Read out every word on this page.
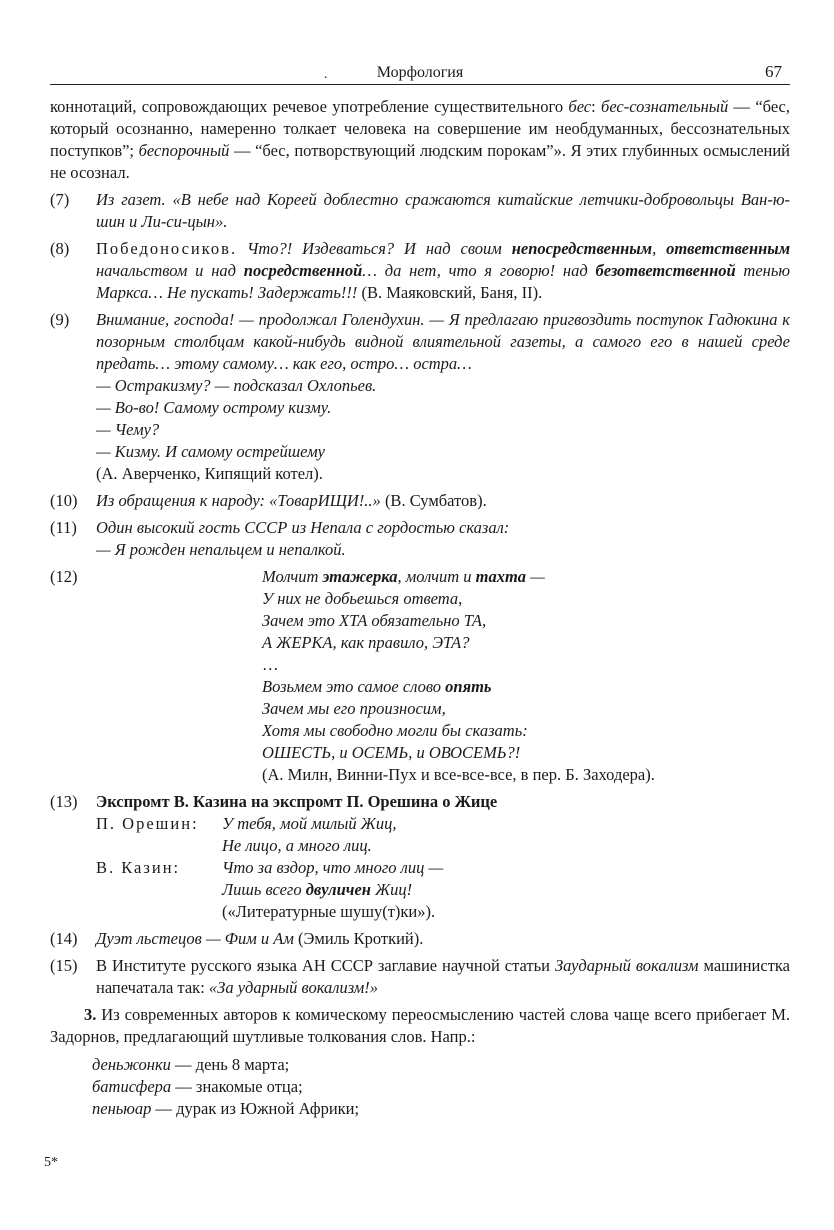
.	Морфология	67

коннотаций, сопровождающих речевое употребление существительного бес: бес-сознательный — “бес, который осознанно, намеренно толкает человека на совершение им необдуманных, бессознательных поступков”; беспорочный — “бес, потворствующий людским порокам”». Я этих глубинных осмыслений не осознал.

(7)	Из газет. «В небе над Кореей доблестно сражаются китайские летчики-добровольцы Ван-ю-шин и Ли-си-цын».
(8)	Победоносиков. Что?! Издеваться? И над своим непосредственным, ответственным начальством и над посредственной… да нет, что я говорю! над безответственной тенью Маркса… Не пускать! Задержать!!! (В. Маяковский, Баня, II).
(9)	Внимание, господа! — продолжал Голендухин. — Я предлагаю пригвоздить поступок Гадюкина к позорным столбцам какой-нибудь видной влиятельной газеты, а самого его в нашей среде предать… этому самому… как его, остро… остра…

— Остракизму? — подсказал Охлопьев.

— Во-во! Самому острому кизму.

— Чему?

— Кизму. И самому острейшему

(А. Аверченко, Кипящий котел).

(10)	Из обращения к народу: «ТоварИЩИ!..» (В. Сумбатов).
(11)	Один высокий гость СССР из Непала с гордостью сказал:

— Я рожден непальцем и непалкой.

(12)	Молчит этажерка, молчит и тахта —

У них не добьешься ответа,

Зачем это ХТА обязательно ТА,

А ЖЕРКА, как правило, ЭТА?

…

Возьмем это самое слово опять

Зачем мы его произносим,

Хотя мы свободно могли бы сказать:

ОШЕСТЬ, и ОСЕМЬ, и ОВОСЕМЬ?!

(А. Милн, Винни-Пух и все-все-все, в пер. Б. Заходера).

(13)	Экспромт В. Казина на экспромт П. Орешина о Жице

П. Орешин:	У тебя, мой милый Жиц,

Не лицо, а много лиц.

В. Казин:	Что за вздор, что много лиц —

Лишь всего двуличен Жиц!

(«Литературные шушу(т)ки»).

(14)	Дуэт льстецов — Фим и Ам (Эмиль Кроткий).
(15)	В Институте русского языка АН СССР заглавие научной статьи Заударный вокализм машинистка напечатала так: «За ударный вокализм!»

3. Из современных авторов к комическому переосмыслению частей слова чаще всего прибегает М. Задорнов, предлагающий шутливые толкования слов. Напр.:

деньжонки — день 8 марта;

батисфера — знакомые отца;

пеньюар — дурак из Южной Африки;

5*
